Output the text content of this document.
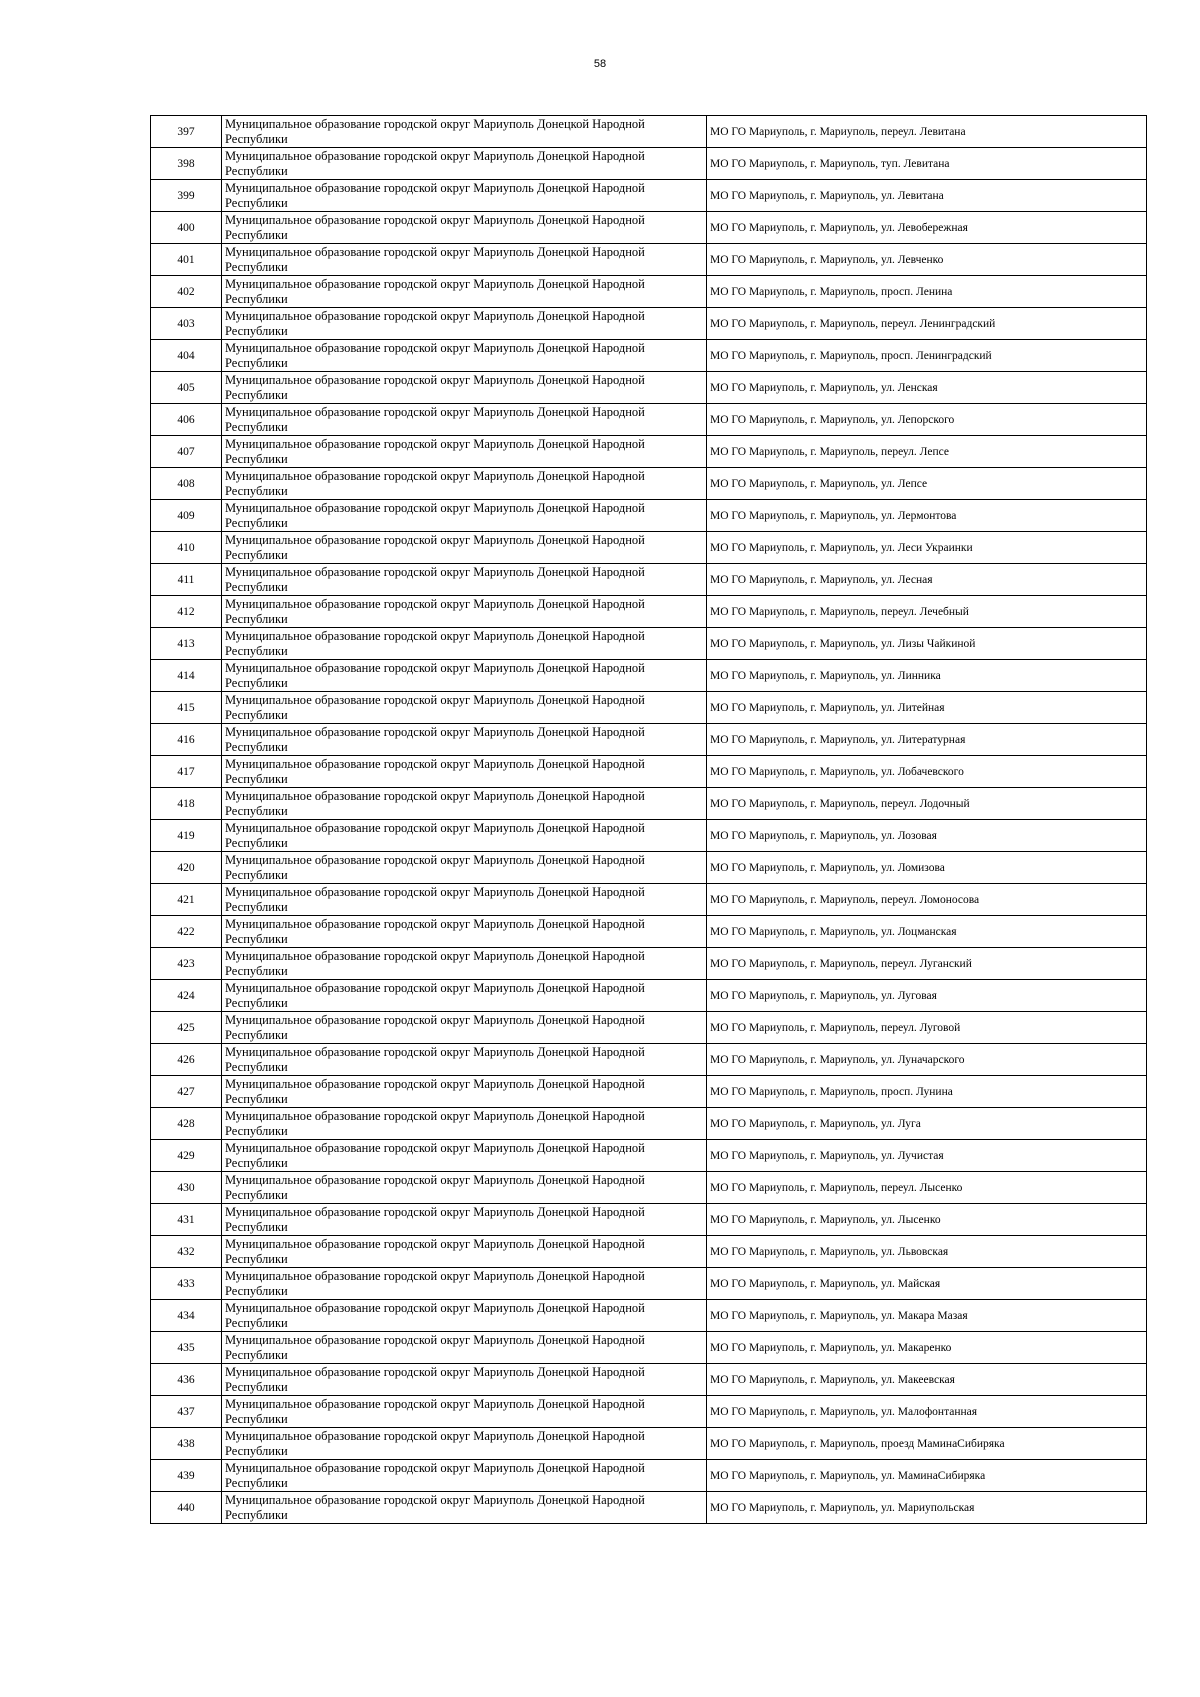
58
397	Муниципальное образование городской округ Мариуполь Донецкой Народной Республики	МО ГО Мариуполь, г. Мариуполь, переул. Левитана
398	Муниципальное образование городской округ Мариуполь Донецкой Народной Республики	МО ГО Мариуполь, г. Мариуполь, туп. Левитана
399	Муниципальное образование городской округ Мариуполь Донецкой Народной Республики	МО ГО Мариуполь, г. Мариуполь, ул. Левитана
400	Муниципальное образование городской округ Мариуполь Донецкой Народной Республики	МО ГО Мариуполь, г. Мариуполь, ул. Левобережная
401	Муниципальное образование городской округ Мариуполь Донецкой Народной Республики	МО ГО Мариуполь, г. Мариуполь, ул. Левченко
402	Муниципальное образование городской округ Мариуполь Донецкой Народной Республики	МО ГО Мариуполь, г. Мариуполь, просп. Ленина
403	Муниципальное образование городской округ Мариуполь Донецкой Народной Республики	МО ГО Мариуполь, г. Мариуполь, переул. Ленинградский
404	Муниципальное образование городской округ Мариуполь Донецкой Народной Республики	МО ГО Мариуполь, г. Мариуполь, просп. Ленинградский
405	Муниципальное образование городской округ Мариуполь Донецкой Народной Республики	МО ГО Мариуполь, г. Мариуполь, ул. Ленская
406	Муниципальное образование городской округ Мариуполь Донецкой Народной Республики	МО ГО Мариуполь, г. Мариуполь, ул. Лепорского
407	Муниципальное образование городской округ Мариуполь Донецкой Народной Республики	МО ГО Мариуполь, г. Мариуполь, переул. Лепсе
408	Муниципальное образование городской округ Мариуполь Донецкой Народной Республики	МО ГО Мариуполь, г. Мариуполь, ул. Лепсе
409	Муниципальное образование городской округ Мариуполь Донецкой Народной Республики	МО ГО Мариуполь, г. Мариуполь, ул. Лермонтова
410	Муниципальное образование городской округ Мариуполь Донецкой Народной Республики	МО ГО Мариуполь, г. Мариуполь, ул. Леси Украинки
411	Муниципальное образование городской округ Мариуполь Донецкой Народной Республики	МО ГО Мариуполь, г. Мариуполь, ул. Лесная
412	Муниципальное образование городской округ Мариуполь Донецкой Народной Республики	МО ГО Мариуполь, г. Мариуполь, переул. Лечебный
413	Муниципальное образование городской округ Мариуполь Донецкой Народной Республики	МО ГО Мариуполь, г. Мариуполь, ул. Лизы Чайкиной
414	Муниципальное образование городской округ Мариуполь Донецкой Народной Республики	МО ГО Мариуполь, г. Мариуполь, ул. Линника
415	Муниципальное образование городской округ Мариуполь Донецкой Народной Республики	МО ГО Мариуполь, г. Мариуполь, ул. Литейная
416	Муниципальное образование городской округ Мариуполь Донецкой Народной Республики	МО ГО Мариуполь, г. Мариуполь, ул. Литературная
417	Муниципальное образование городской округ Мариуполь Донецкой Народной Республики	МО ГО Мариуполь, г. Мариуполь, ул. Лобачевского
418	Муниципальное образование городской округ Мариуполь Донецкой Народной Республики	МО ГО Мариуполь, г. Мариуполь, переул. Лодочный
419	Муниципальное образование городской округ Мариуполь Донецкой Народной Республики	МО ГО Мариуполь, г. Мариуполь, ул. Лозовая
420	Муниципальное образование городской округ Мариуполь Донецкой Народной Республики	МО ГО Мариуполь, г. Мариуполь, ул. Ломизова
421	Муниципальное образование городской округ Мариуполь Донецкой Народной Республики	МО ГО Мариуполь, г. Мариуполь, переул. Ломоносова
422	Муниципальное образование городской округ Мариуполь Донецкой Народной Республики	МО ГО Мариуполь, г. Мариуполь, ул. Лоцманская
423	Муниципальное образование городской округ Мариуполь Донецкой Народной Республики	МО ГО Мариуполь, г. Мариуполь, переул. Луганский
424	Муниципальное образование городской округ Мариуполь Донецкой Народной Республики	МО ГО Мариуполь, г. Мариуполь, ул. Луговая
425	Муниципальное образование городской округ Мариуполь Донецкой Народной Республики	МО ГО Мариуполь, г. Мариуполь, переул. Луговой
426	Муниципальное образование городской округ Мариуполь Донецкой Народной Республики	МО ГО Мариуполь, г. Мариуполь, ул. Луначарского
427	Муниципальное образование городской округ Мариуполь Донецкой Народной Республики	МО ГО Мариуполь, г. Мариуполь, просп. Лунина
428	Муниципальное образование городской округ Мариуполь Донецкой Народной Республики	МО ГО Мариуполь, г. Мариуполь, ул. Луга
429	Муниципальное образование городской округ Мариуполь Донецкой Народной Республики	МО ГО Мариуполь, г. Мариуполь, ул. Лучистая
430	Муниципальное образование городской округ Мариуполь Донецкой Народной Республики	МО ГО Мариуполь, г. Мариуполь, переул. Лысенко
431	Муниципальное образование городской округ Мариуполь Донецкой Народной Республики	МО ГО Мариуполь, г. Мариуполь, ул. Лысенко
432	Муниципальное образование городской округ Мариуполь Донецкой Народной Республики	МО ГО Мариуполь, г. Мариуполь, ул. Львовская
433	Муниципальное образование городской округ Мариуполь Донецкой Народной Республики	МО ГО Мариуполь, г. Мариуполь, ул. Майская
434	Муниципальное образование городской округ Мариуполь Донецкой Народной Республики	МО ГО Мариуполь, г. Мариуполь, ул. Макара Мазая
435	Муниципальное образование городской округ Мариуполь Донецкой Народной Республики	МО ГО Мариуполь, г. Мариуполь, ул. Макаренко
436	Муниципальное образование городской округ Мариуполь Донецкой Народной Республики	МО ГО Мариуполь, г. Мариуполь, ул. Макеевская
437	Муниципальное образование городской округ Мариуполь Донецкой Народной Республики	МО ГО Мариуполь, г. Мариуполь, ул. Малофонтанная
438	Муниципальное образование городской округ Мариуполь Донецкой Народной Республики	МО ГО Мариуполь, г. Мариуполь, проезд МаминаСибиряка
439	Муниципальное образование городской округ Мариуполь Донецкой Народной Республики	МО ГО Мариуполь, г. Мариуполь, ул. МаминаСибиряка
440	Муниципальное образование городской округ Мариуполь Донецкой Народной Республики	МО ГО Мариуполь, г. Мариуполь, ул. Мариупольская
